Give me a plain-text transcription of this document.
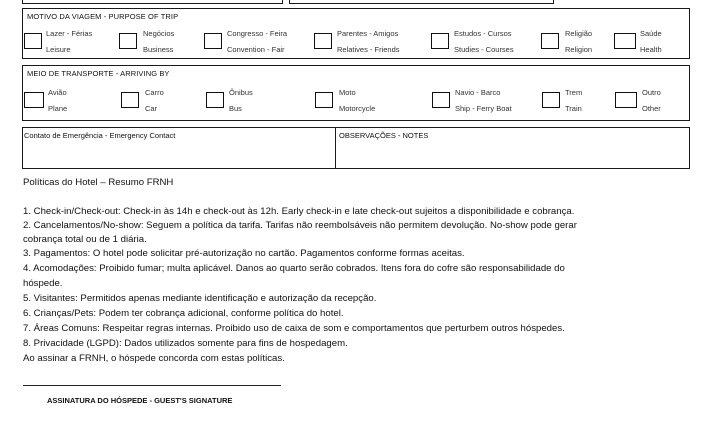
MOTIVO DA VIAGEM - PURPOSE OF TRIP
Lazer - Férias
Leisure
Negócios
Business
Congresso - Feira
Convention - Fair
Parentes - Amigos
Relatives - Friends
Estudos - Cursos
Studies - Courses
Religião
Religion
Saúde
Health
MEIO DE TRANSPORTE - ARRIVING BY
Avião
Plane
Carro
Car
Ônibus
Bus
Moto
Motorcycle
Navio - Barco
Ship - Ferry Boat
Trem
Train
Outro
Other
Contato de Emergência - Emergency Contact	OBSERVAÇÕES - NOTES
Políticas do Hotel – Resumo FRNH
1. Check-in/Check-out: Check-in às 14h e check-out às 12h. Early check-in e late check-out sujeitos a disponibilidade e cobrança.
2. Cancelamentos/No-show: Seguem a política da tarifa. Tarifas não reembolsáveis não permitem devolução. No-show pode gerar
cobrança total ou de 1 diária.
3. Pagamentos: O hotel pode solicitar pré-autorização no cartão. Pagamentos conforme formas aceitas.
4. Acomodações: Proibido fumar; multa aplicável. Danos ao quarto serão cobrados. Itens fora do cofre são responsabilidade do
hóspede.
5. Visitantes: Permitidos apenas mediante identificação e autorização da recepção.
6. Crianças/Pets: Podem ter cobrança adicional, conforme política do hotel.
7. Áreas Comuns: Respeitar regras internas. Proibido uso de caixa de som e comportamentos que perturbem outros hóspedes.
8. Privacidade (LGPD): Dados utilizados somente para fins de hospedagem.
Ao assinar a FRNH, o hóspede concorda com estas políticas.
ASSINATURA DO HÓSPEDE - GUEST'S SIGNATURE
